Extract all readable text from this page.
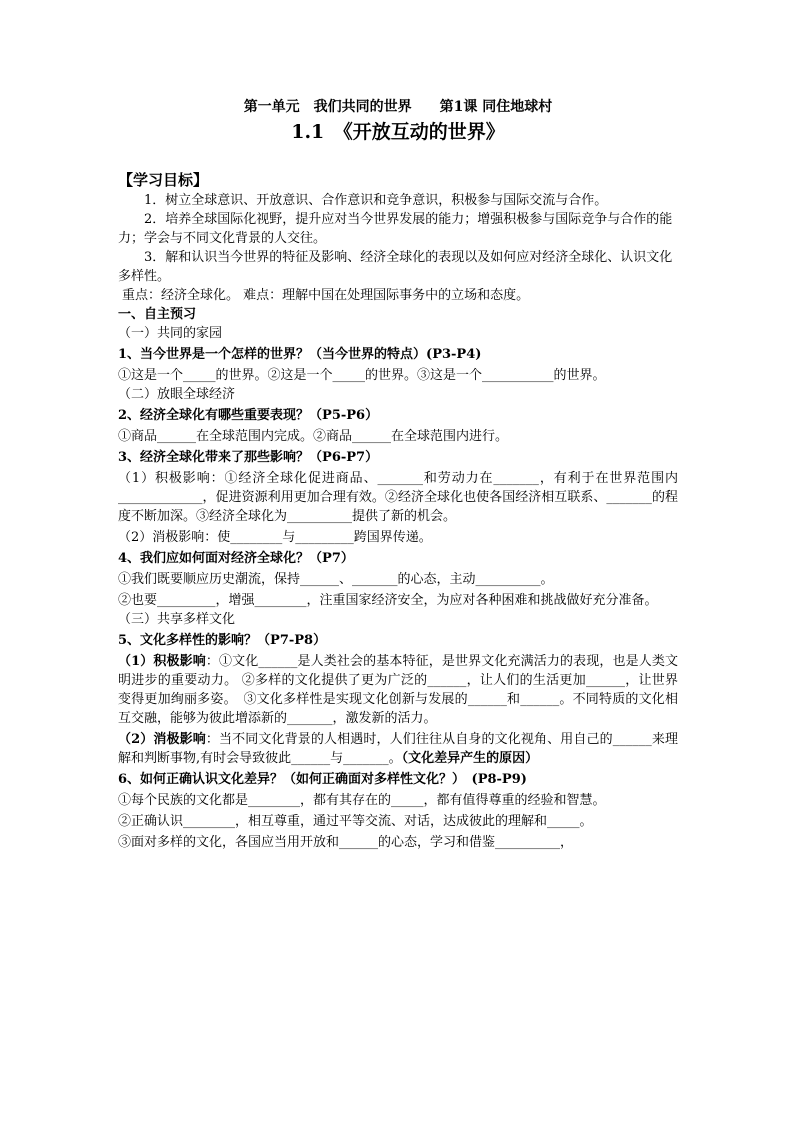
第一单元　我们共同的世界　　第1课 同住地球村
1.1　《开放互动的世界》
【学习目标】

1．树立全球意识、开放意识、合作意识和竞争意识，积极参与国际交流与合作。

2．培养全球国际化视野，提升应对当今世界发展的能力；增强积极参与国际竞争与合作的能力；学会与不同文化背景的人交往。

3．解和认识当今世界的特征及影响、经济全球化的表现以及如何应对经济全球化、认识文化多样性。

重点：经济全球化。 难点：理解中国在处理国际事务中的立场和态度。

一、自主预习

（一）共同的家园

1、当今世界是一个怎样的世界？（当今世界的特点）(P3-P4)

①这是一个_____的世界。②这是一个_____的世界。③这是一个___________的世界。

（二）放眼全球经济

2、经济全球化有哪些重要表现？（P5-P6）

①商品______在全球范围内完成。②商品______在全球范围内进行。

3、经济全球化带来了那些影响？（P6-P7）

（1）积极影响：①经济全球化促进商品、_______和劳动力在_______，有利于在世界范围内_____________，促进资源利用更加合理有效。②经济全球化也使各国经济相互联系、_______的程度不断加深。③经济全球化为__________提供了新的机会。

（2）消极影响：使________与_________跨国界传递。

4、我们应如何面对经济全球化？（P7）

①我们既要顺应历史潮流，保持______、_______的心态，主动__________。

②也要_________，增强________，注重国家经济安全，为应对各种困难和挑战做好充分准备。

（三）共享多样文化

5、文化多样性的影响？（P7-P8）

（1）积极影响：①文化______是人类社会的基本特征，是世界文化充满活力的表现，也是人类文明进步的重要动力。 ②多样的文化提供了更为广泛的______，让人们的生活更加______，让世界变得更加绚丽多姿。　③文化多样性是实现文化创新与发展的______和______。不同特质的文化相互交融，能够为彼此增添新的_______，激发新的活力。

（2）消极影响：当不同文化背景的人相遇时，人们往往从自身的文化视角、用自己的______来理解和判断事物,有时会导致彼此______与_______。（文化差异产生的原因）

6、如何正确认识文化差异？（如何正确面对多样性文化？）　(P8-P9)

①每个民族的文化都是________，都有其存在的_____，都有值得尊重的经验和智慧。

②正确认识________，相互尊重，通过平等交流、对话，达成彼此的理解和_____。

③面对多样的文化，各国应当用开放和______的心态，学习和借鉴__________，
